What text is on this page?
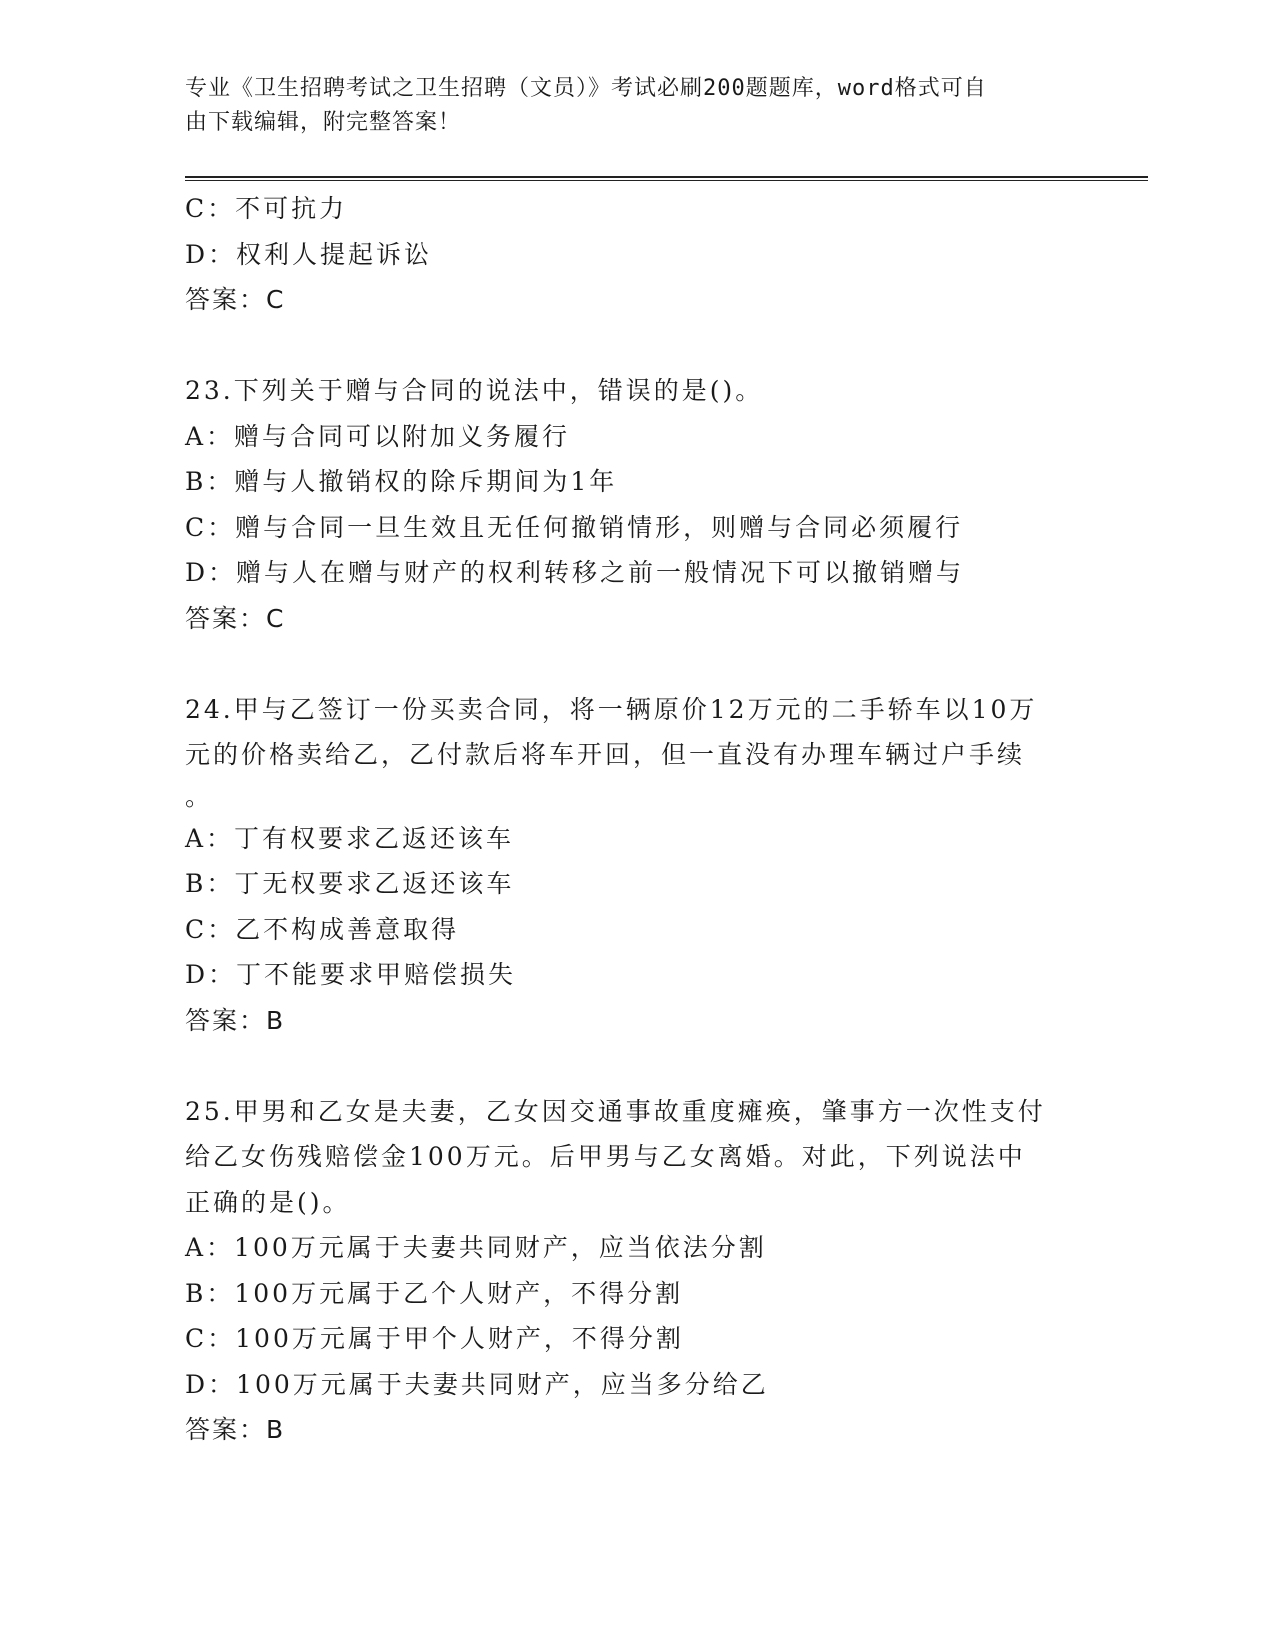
专业《卫生招聘考试之卫生招聘（文员）》考试必刷200题题库，word格式可自
由下载编辑，附完整答案！
C：不可抗力
D：权利人提起诉讼
答案：C
23.下列关于赠与合同的说法中，错误的是()。
A：赠与合同可以附加义务履行
B：赠与人撤销权的除斥期间为1年
C：赠与合同一旦生效且无任何撤销情形，则赠与合同必须履行
D：赠与人在赠与财产的权利转移之前一般情况下可以撤销赠与
答案：C
24.甲与乙签订一份买卖合同，将一辆原价12万元的二手轿车以10万
元的价格卖给乙，乙付款后将车开回，但一直没有办理车辆过户手续
。
A：丁有权要求乙返还该车
B：丁无权要求乙返还该车
C：乙不构成善意取得
D：丁不能要求甲赔偿损失
答案：B
25.甲男和乙女是夫妻，乙女因交通事故重度瘫痪，肇事方一次性支付
给乙女伤残赔偿金100万元。后甲男与乙女离婚。对此，下列说法中
正确的是()。
A：100万元属于夫妻共同财产，应当依法分割
B：100万元属于乙个人财产，不得分割
C：100万元属于甲个人财产，不得分割
D：100万元属于夫妻共同财产，应当多分给乙
答案：B
